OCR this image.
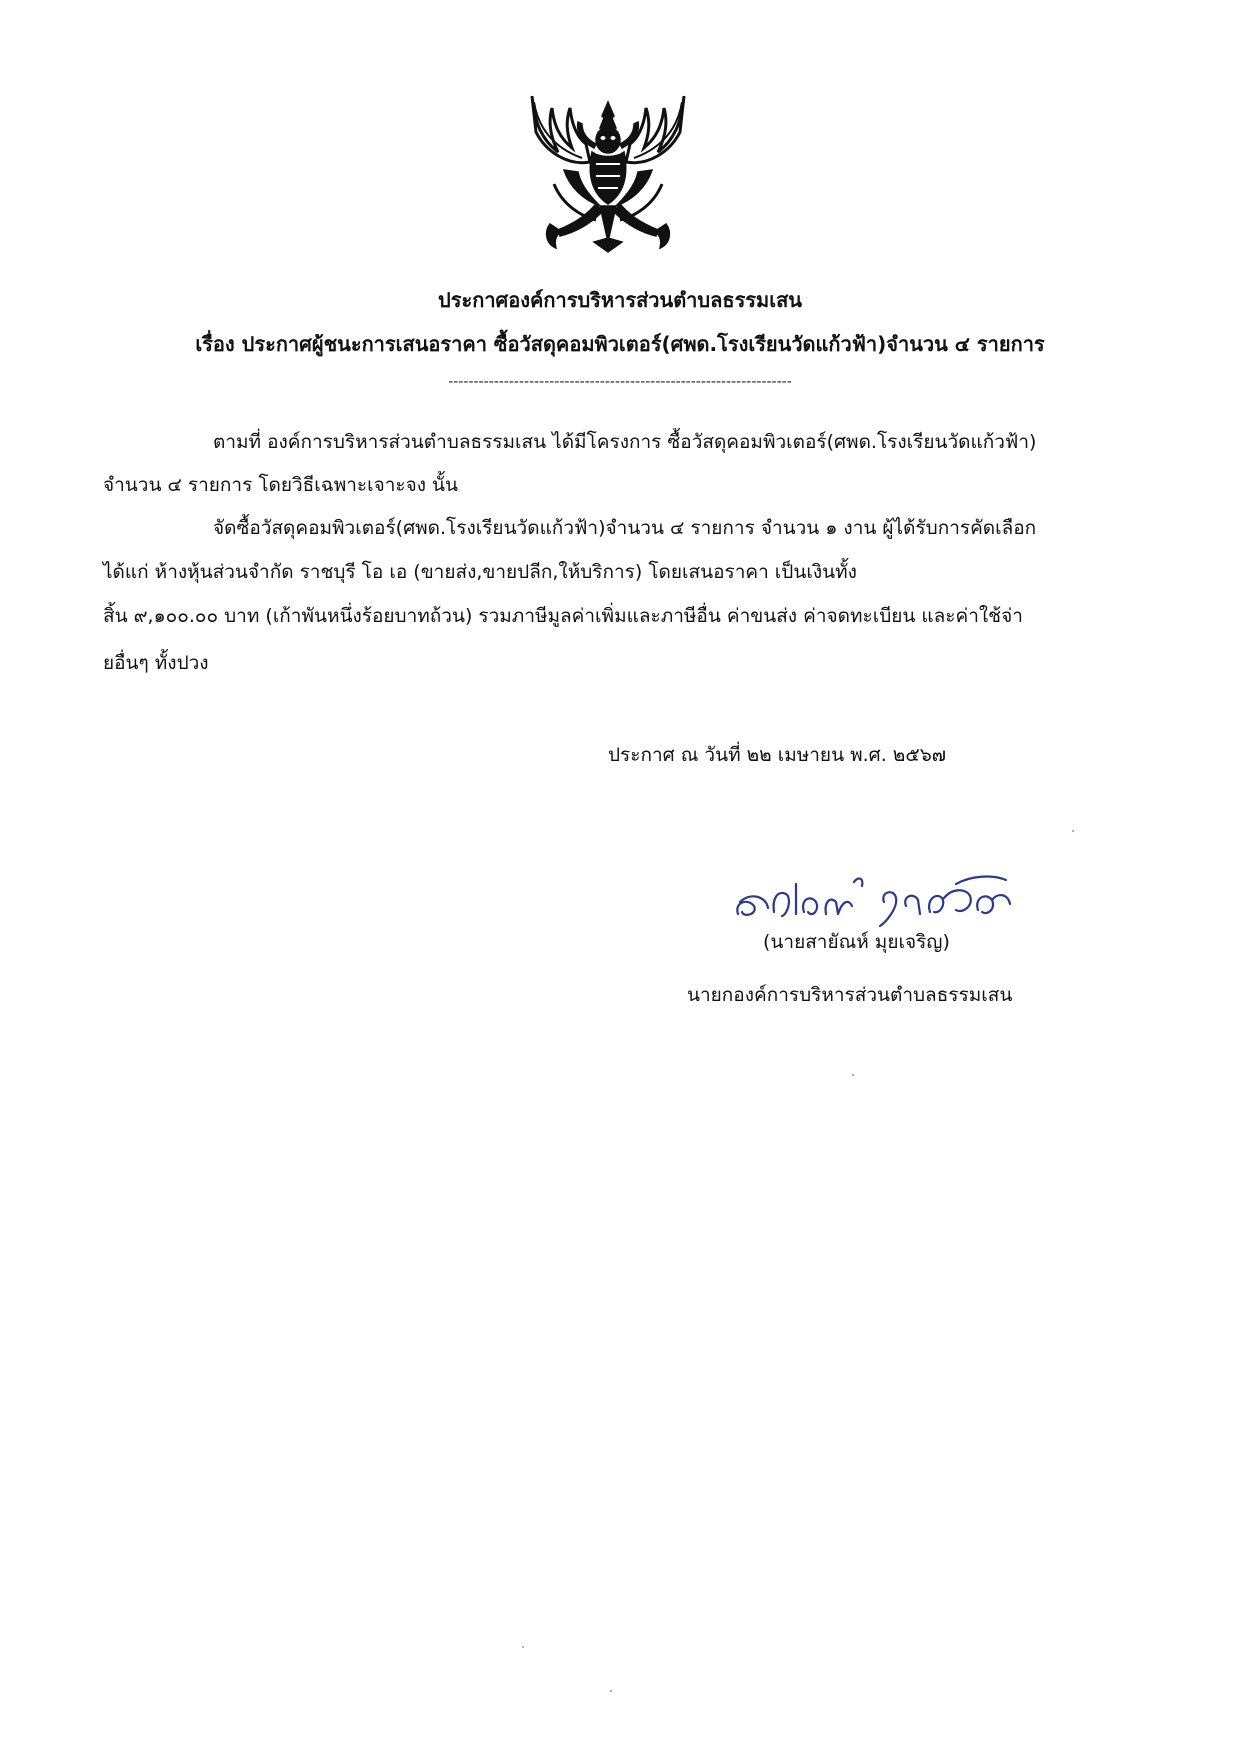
ประกาศองค์การบริหารส่วนตำบลธรรมเสน
เรื่อง ประกาศผู้ชนะการเสนอราคา ซื้อวัสดุคอมพิวเตอร์(ศพด.โรงเรียนวัดแก้วฟ้า)จำนวน ๔ รายการ
--------------------------------------------------------------------
ตามที่ องค์การบริหารส่วนตำบลธรรมเสน ได้มีโครงการ ซื้อวัสดุคอมพิวเตอร์(ศพด.โรงเรียนวัดแก้วฟ้า)
จำนวน ๔ รายการ โดยวิธีเฉพาะเจาะจง นั้น
จัดซื้อวัสดุคอมพิวเตอร์(ศพด.โรงเรียนวัดแก้วฟ้า)จำนวน ๔ รายการ จำนวน ๑ งาน ผู้ได้รับการคัดเลือก
ได้แก่ ห้างหุ้นส่วนจำกัด ราชบุรี โอ เอ (ขายส่ง,ขายปลีก,ให้บริการ) โดยเสนอราคา เป็นเงินทั้ง
สิ้น ๙,๑๐๐.๐๐ บาท (เก้าพันหนึ่งร้อยบาทถ้วน) รวมภาษีมูลค่าเพิ่มและภาษีอื่น ค่าขนส่ง ค่าจดทะเบียน และค่าใช้จ่า
ยอื่นๆ ทั้งปวง
ประกาศ ณ วันที่ ๒๒ เมษายน พ.ศ. ๒๕๖๗
(นายสายัณห์ มุยเจริญ)
นายกองค์การบริหารส่วนตำบลธรรมเสน
